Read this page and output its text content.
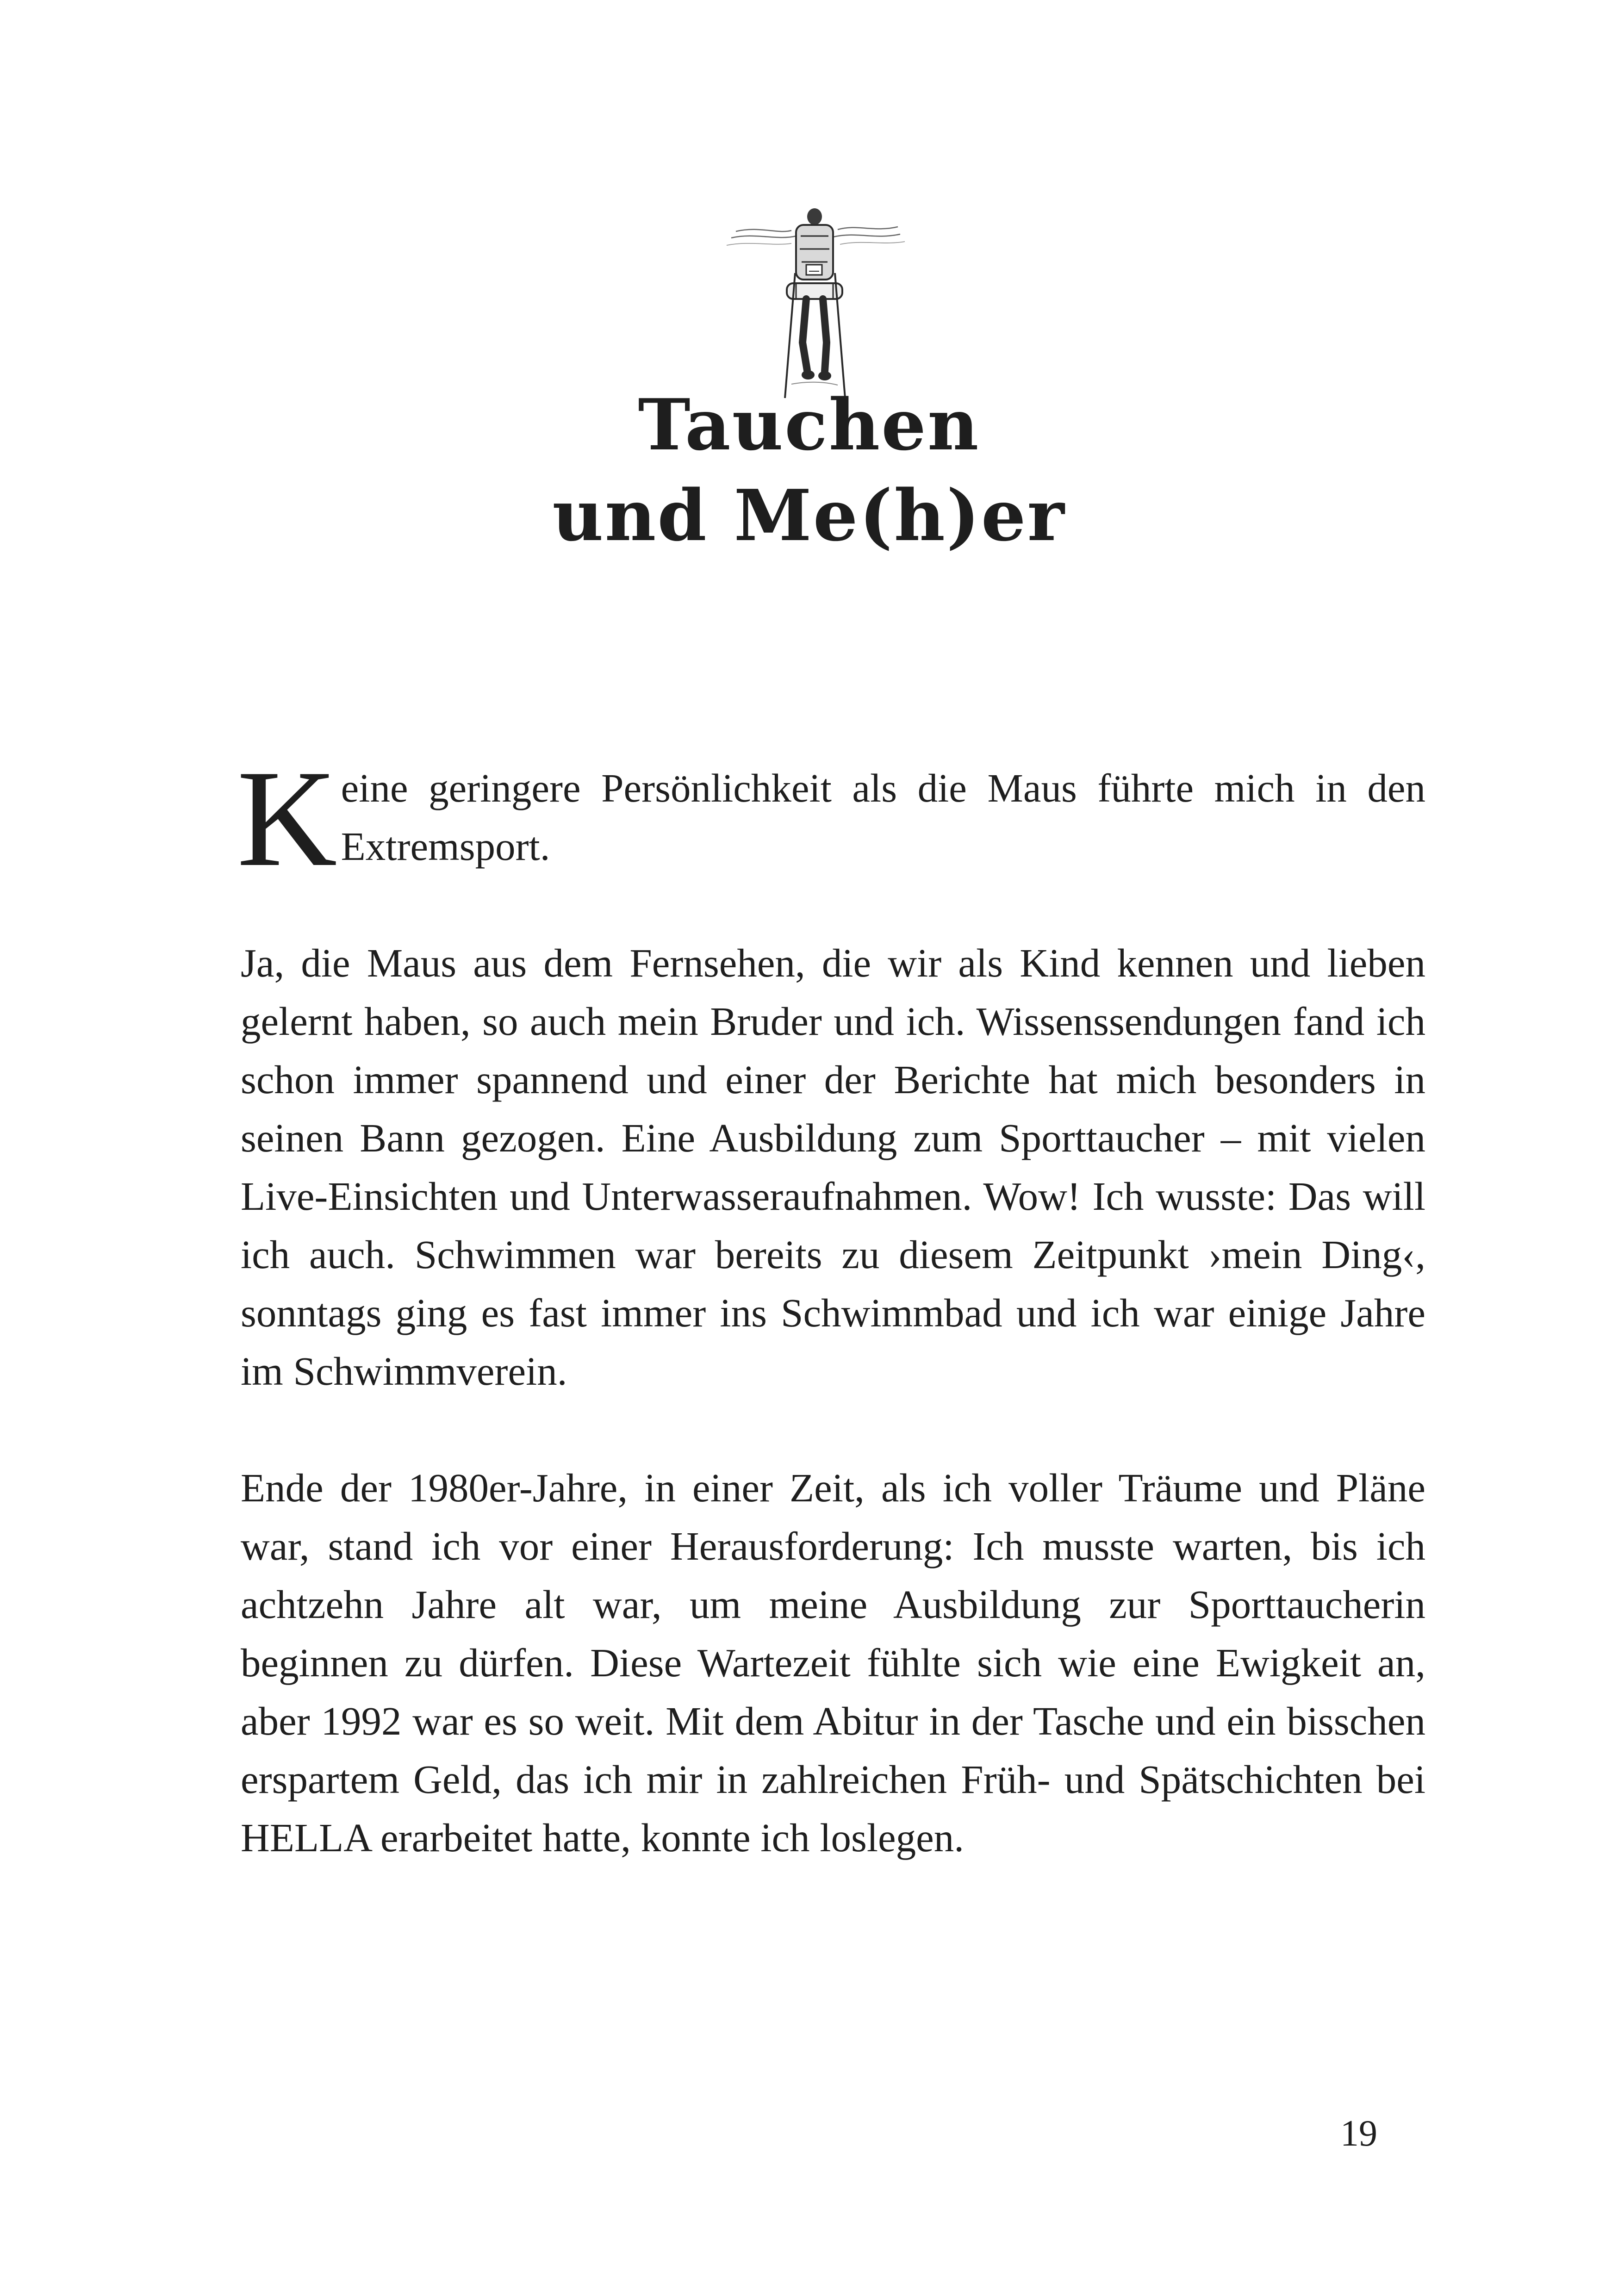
Tauchen
und Me(h)er

Keine geringere Persönlichkeit als die Maus führte mich in den Extremsport.

Ja, die Maus aus dem Fernsehen, die wir als Kind kennen und lieben gelernt haben, so auch mein Bruder und ich. Wissenssendungen fand ich schon immer spannend und einer der Berichte hat mich besonders in seinen Bann gezogen. Eine Ausbildung zum Sporttaucher – mit vielen Live-Einsichten und Unterwasseraufnahmen. Wow! Ich wusste: Das will ich auch. Schwimmen war bereits zu diesem Zeitpunkt ›mein Ding‹, sonntags ging es fast immer ins Schwimmbad und ich war einige Jahre im Schwimmverein.

Ende der 1980er-Jahre, in einer Zeit, als ich voller Träume und Pläne war, stand ich vor einer Herausforderung: Ich musste warten, bis ich achtzehn Jahre alt war, um meine Ausbildung zur Sporttaucherin beginnen zu dürfen. Diese Wartezeit fühlte sich wie eine Ewigkeit an, aber 1992 war es so weit. Mit dem Abitur in der Tasche und ein bisschen erspartem Geld, das ich mir in zahlreichen Früh- und Spätschichten bei HELLA erarbeitet hatte, konnte ich loslegen.

19
